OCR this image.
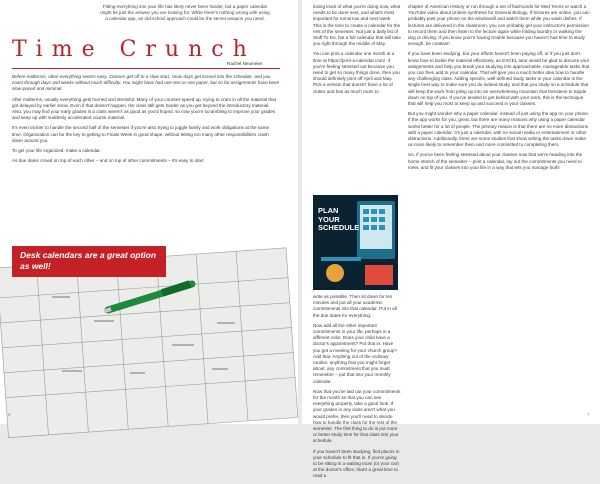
Fitting everything into your life has likely never been harder, but a paper calendar might be just the answer you are looking for. While there's nothing wrong with using a calendar app, an old-school approach could be the secret weapon you need.
Time Crunch
Rachel Neumeier

Before midterms, often everything seems easy. Classes get off to a slow start, snow days get tossed into the schedule, and you coast through days and weeks without much difficulty. You might have had one test or one paper, but so far assignments have been slow-paced and minimal.

After midterms, usually everything gets hurried and stressful. Many of your courses speed up, trying to cram in all the material that got delayed by earlier snow. Even if that doesn't happen, the class still gets harder as you get beyond the introductory material. Also, you may find your early grades in a class weren't as good as you'd hoped, so now you're scrambling to improve your grades and keep up with suddenly accelerated course material.

It's even trickier to handle the second half of the semester if you're also trying to juggle family and work obligations at the same time. Organization can be the key to getting to Finals Week in good shape, without letting too many other responsibilities crash down around you.

To get your life organized, make a calendar.

As due dates crowd on top of each other – and on top of other commitments – it's easy to start

Desk calendars are a great option as well!
6

losing track of what you're doing now, what needs to be done next, and what's most important for tomorrow and next week. This is the time to create a calendar for the rest of the semester. Not just a daily list of Stuff To Do, but a full calendar that will take you right through the middle of May.

You can print a calendar one month at a time at https://print-a-calendar.com/. If you're feeling stressed out because you need to get so many things done, then you should definitely print off April and May. Pick a version that doesn't have a lot of clutter and has as much room to

PLAN
YOUR
SCHEDULE

write as possible. Then sit down for ten minutes and put all your academic commitments into that calendar. Put in all the due dates for everything.

Now add all the other important commitments in your life, perhaps in a different color. Does your child have a doctor's appointment? Put that in. Have you got a meeting for your church group? Add that. Anything out of the ordinary routine, anything that you might forget about, any commitment that you must remember – put that into your monthly calendar.

Now that you've laid out your commitments for the month so that you can see everything properly, take a good look. If your grades in any class aren't what you would prefer, then you'll need to decide how to handle the class for the rest of the semester. The first thing to do is put more or better study time for that class into your schedule.

If you haven't been studying, find places in your schedule to fit that in. If you're going to be sitting in a waiting room (or your car) at the doctor's office, that's a great time to read a

chapter of American History or run through a set of flashcards for Med Terms or watch a YouTube video about protein synthesis for General Biology. If lectures are online, you can probably post your phone on the windowsill and watch them while you wash dishes. If lectures are delivered in the classroom, you can probably get your instructor's permission to record them and then listen to the lecture again while folding laundry or walking the dog or driving. If you know you're having trouble because you haven't had time to study enough, be creative!

If you have been studying, but your efforts haven't been paying off, or if you just don't know how to tackle the material effectively, an EXCEL tutor would be glad to discuss your assignments and help you break your studying into approachable, manageable tasks that you can then add to your calendar. That will give you a much better idea how to handle any challenging class. Adding specific, well-defined study tasks to your calendar is the single best way to make sure you do indeed study, and that you study on a schedule that will keep the work from piling up into an overwhelming mountain that threatens to topple down on top of you. If you've tended to get behind with your work, this is the technique that will help you most to keep up and succeed in your classes.

But you might wonder why a paper calendar, instead of just using the app on your phone. If the app works for you, great, but there are many reasons why using a paper calendar works better for a lot of people. The primary reason is that there are no more distractions with a paper calendar. It's just a calendar, with no social media or entertainment or other distractions. Additionally, there are some studies that show writing the tasks down make us more likely to remember them and more committed to completing them.

So, if you've been feeling stressed about your classes now that we're heading into the home stretch of the semester – print a calendar, lay out the commitments you need to meet, and fit your classes into your life in a way that lets you manage both!

7
